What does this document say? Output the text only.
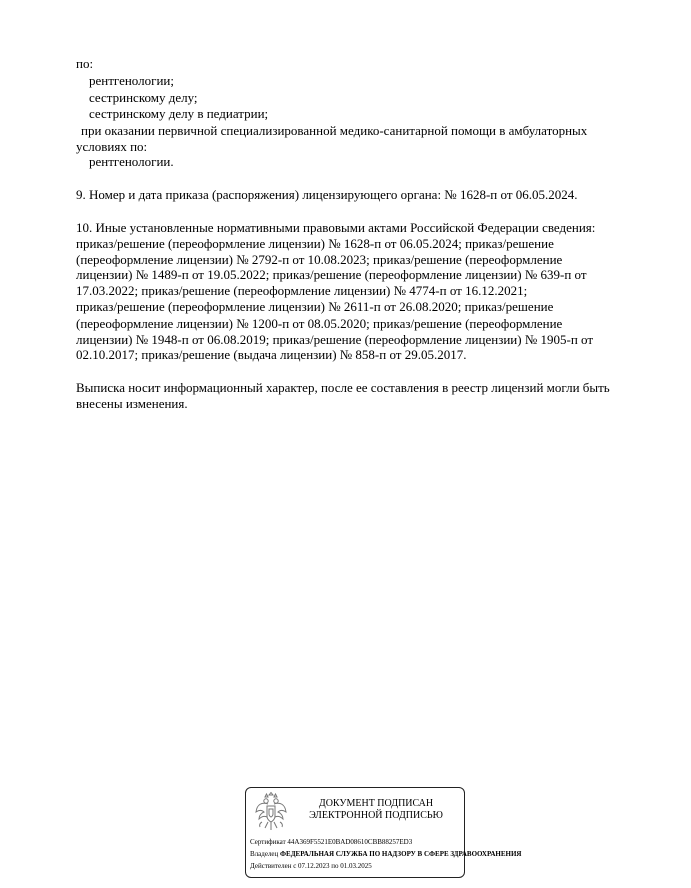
по:
рентгенологии;
сестринскому делу;
сестринскому делу в педиатрии;
при оказании первичной специализированной медико-санитарной помощи в амбулаторных
условиях по:
рентгенологии.
9. Номер и дата приказа (распоряжения) лицензирующего органа: № 1628-п от 06.05.2024.
10. Иные установленные нормативными правовыми актами Российской Федерации сведения:
приказ/решение (переоформление лицензии) № 1628-п от 06.05.2024; приказ/решение
(переоформление лицензии) № 2792-п от 10.08.2023; приказ/решение (переоформление
лицензии) № 1489-п от 19.05.2022; приказ/решение (переоформление лицензии) № 639-п от
17.03.2022; приказ/решение (переоформление лицензии) № 4774-п от 16.12.2021;
приказ/решение (переоформление лицензии) № 2611-п от 26.08.2020; приказ/решение
(переоформление лицензии) № 1200-п от 08.05.2020; приказ/решение (переоформление
лицензии) № 1948-п от 06.08.2019; приказ/решение (переоформление лицензии) № 1905-п от
02.10.2017; приказ/решение (выдача лицензии) № 858-п от 29.05.2017.
Выписка носит информационный характер, после ее составления в реестр лицензий могли быть
внесены изменения.
ДОКУМЕНТ ПОДПИСАН
ЭЛЕКТРОННОЙ ПОДПИСЬЮ
Сертификат 44A369F5521E0BAD08610CBB88257ED3
Владелец ФЕДЕРАЛЬНАЯ СЛУЖБА ПО НАДЗОРУ В СФЕРЕ ЗДРАВООХРАНЕНИЯ
Действителен с 07.12.2023 по 01.03.2025
